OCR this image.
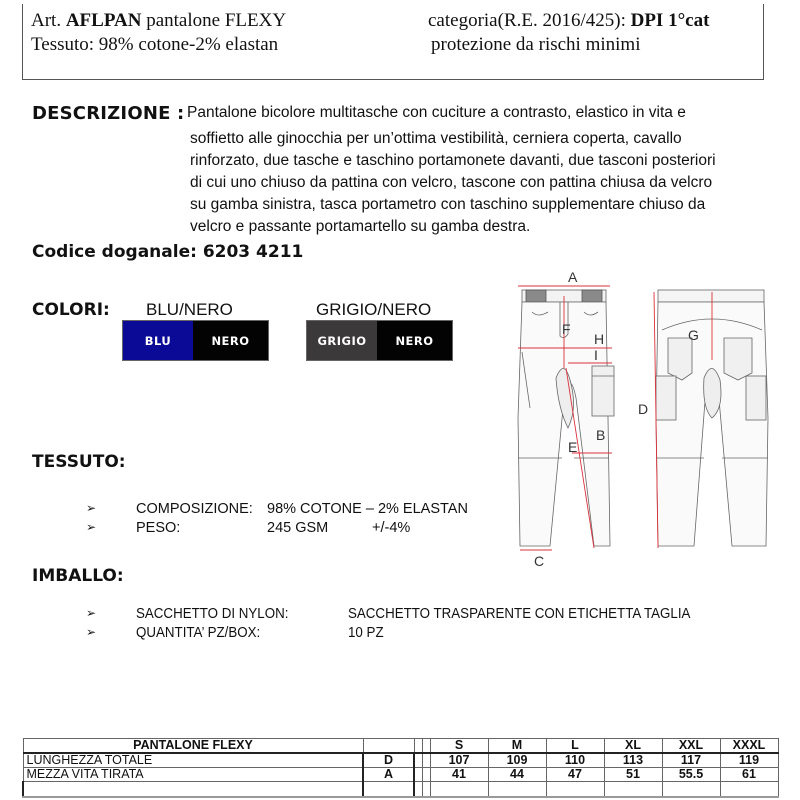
Art. AFLPAN pantalone FLEXY
Tessuto: 98% cotone-2% elastan
categoria(R.E. 2016/425): DPI 1°cat
protezione da rischi minimi
DESCRIZIONE : Pantalone bicolore multitasche con cuciture a contrasto, elastico in vita e
soffietto alle ginocchia per un’ottima vestibilità, cerniera coperta, cavallo
rinforzato, due tasche e taschino portamonete davanti, due tasconi posteriori
di cui uno chiuso da pattina con velcro, tascone con pattina chiusa da velcro
su gamba sinistra, tasca portametro con taschino supplementare chiuso da
velcro e passante portamartello su gamba destra.
Codice doganale: 6203 4211
COLORI: BLU/NERO
BLU	NERO
GRIGIO/NERO
GRIGIO	NERO
TESSUTO:
➢	COMPOSIZIONE: 98% COTONE – 2% ELASTAN
➢	PESO:	245 GSM	+/-4%
IMBALLO:
➢	SACCHETTO DI NYLON:	SACCHETTO TRASPARENTE CON ETICHETTA TAGLIA
➢	QUANTITA’ PZ/BOX:	10 PZ
A
B
C
D
E
F	G
H
I
PANTALONE FLEXY				S	M	L	XL	XXL	XXXL
LUNGHEZZA TOTALE	D			107	109	110	113	117	119
MEZZA VITA TIRATA	A			41	44	47	51	55.5	61
